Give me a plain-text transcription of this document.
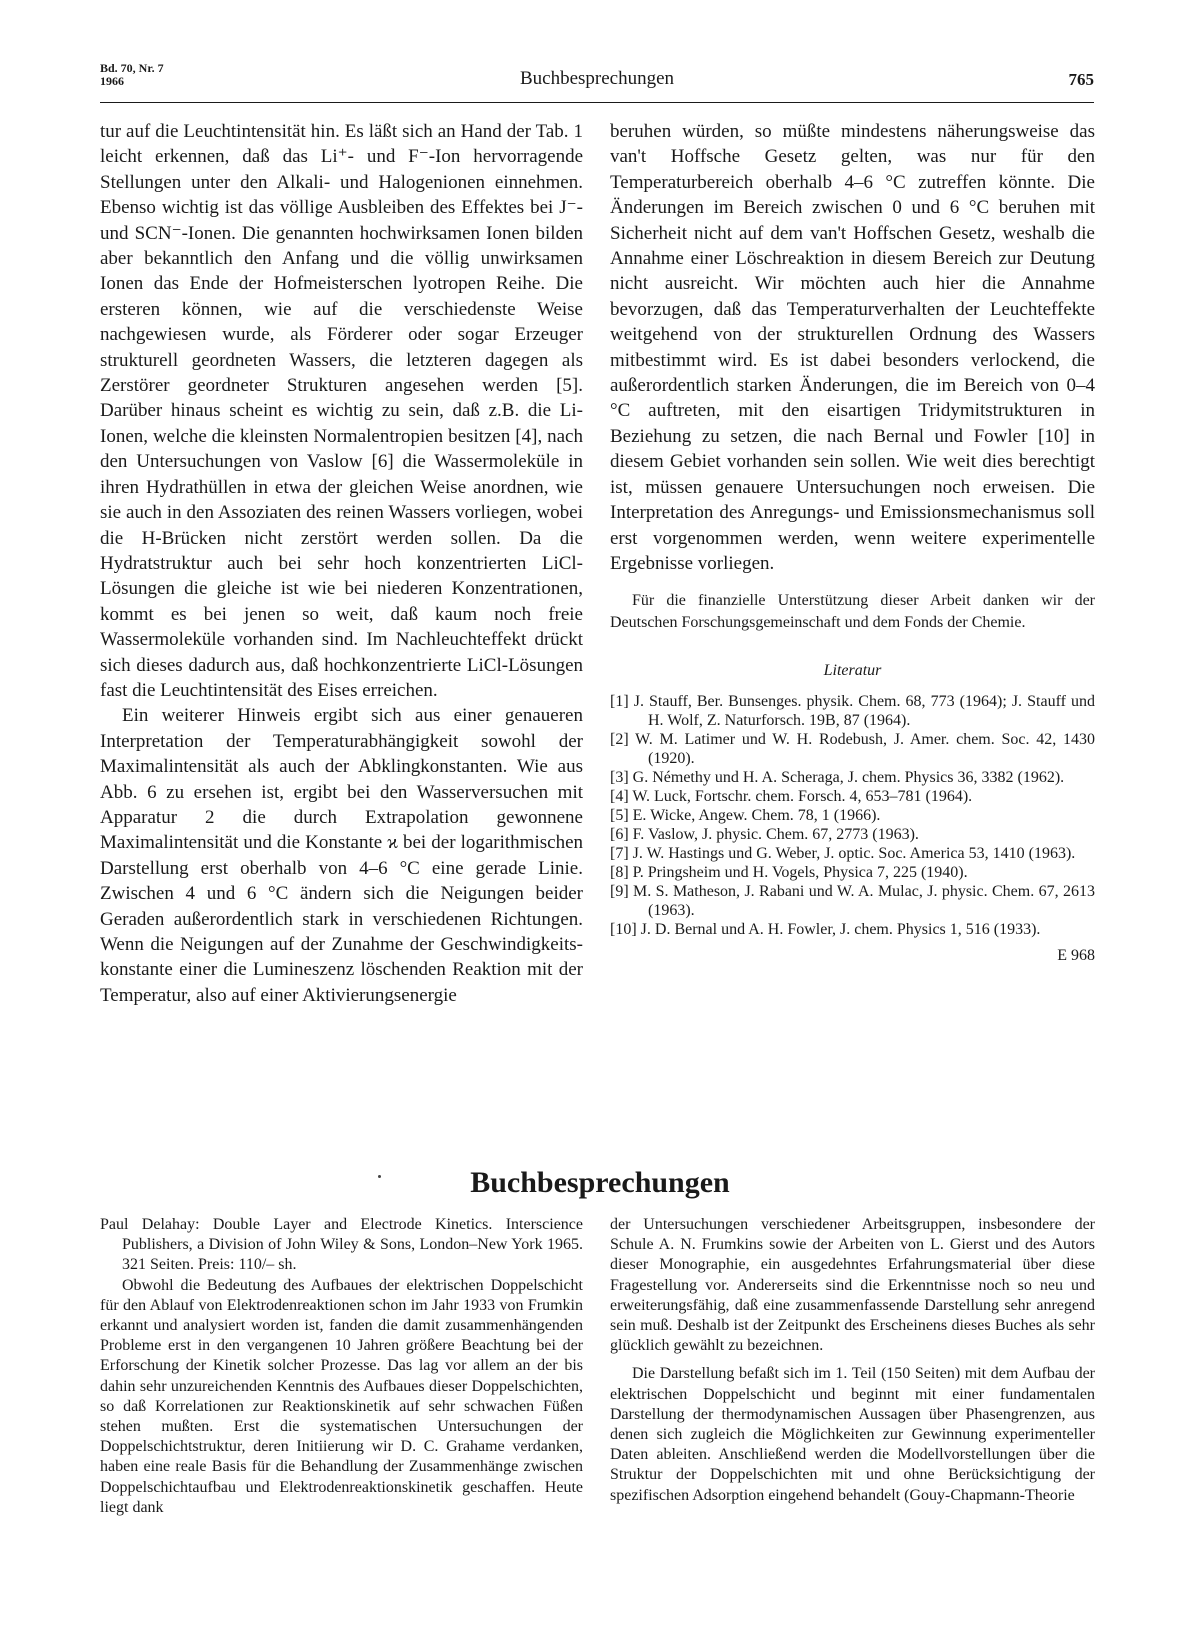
Bd. 70, Nr. 7
1966	Buchbesprechungen	765

tur auf die Leuchtintensität hin. Es läßt sich an Hand der Tab. 1 leicht erkennen, daß das Li⁺- und F⁻-Ion hervorragende Stellungen unter den Alkali- und Halogenionen einnehmen. Ebenso wichtig ist das völlige Ausbleiben des Effektes bei J⁻- und SCN⁻-Ionen. Die genannten hochwirksamen Ionen bilden aber bekanntlich den Anfang und die völlig unwirksamen Ionen das Ende der Hofmeisterschen lyotropen Reihe. Die ersteren können, wie auf die verschiedenste Weise nachgewiesen wurde, als Förderer oder sogar Erzeuger strukturell geordneten Wassers, die letzteren dagegen als Zerstörer geordneter Strukturen angesehen werden [5]. Darüber hinaus scheint es wichtig zu sein, daß z.B. die Li-Ionen, welche die kleinsten Normalentropien besitzen [4], nach den Untersuchungen von Vaslow [6] die Wassermoleküle in ihren Hydrathüllen in etwa der gleichen Weise anordnen, wie sie auch in den Assoziaten des reinen Wassers vorliegen, wobei die H-Brücken nicht zerstört werden sollen. Da die Hydratstruktur auch bei sehr hoch konzentrierten LiCl-Lösungen die gleiche ist wie bei niederen Konzentrationen, kommt es bei jenen so weit, daß kaum noch freie Wassermoleküle vorhanden sind. Im Nachleuchteffekt drückt sich dieses dadurch aus, daß hochkonzentrierte LiCl-Lösungen fast die Leuchtintensität des Eises erreichen.

Ein weiterer Hinweis ergibt sich aus einer genaueren Interpretation der Temperaturabhängigkeit sowohl der Maximalintensität als auch der Abklingkonstanten. Wie aus Abb. 6 zu ersehen ist, ergibt bei den Wasserversuchen mit Apparatur 2 die durch Extrapolation gewonnene Maximalintensität und die Konstante ϰ bei der logarithmischen Darstellung erst oberhalb von 4–6 °C eine gerade Linie. Zwischen 4 und 6 °C ändern sich die Neigungen beider Geraden außerordentlich stark in verschiedenen Richtungen. Wenn die Neigungen auf der Zunahme der Geschwindigkeitskonstante einer die Lumineszenz löschenden Reaktion mit der Temperatur, also auf einer Aktivierungsenergie

beruhen würden, so müßte mindestens näherungsweise das van't Hoffsche Gesetz gelten, was nur für den Temperaturbereich oberhalb 4–6 °C zutreffen könnte. Die Änderungen im Bereich zwischen 0 und 6 °C beruhen mit Sicherheit nicht auf dem van't Hoffschen Gesetz, weshalb die Annahme einer Löschreaktion in diesem Bereich zur Deutung nicht ausreicht. Wir möchten auch hier die Annahme bevorzugen, daß das Temperaturverhalten der Leuchteffekte weitgehend von der strukturellen Ordnung des Wassers mitbestimmt wird. Es ist dabei besonders verlockend, die außerordentlich starken Änderungen, die im Bereich von 0–4 °C auftreten, mit den eisartigen Tridymitstrukturen in Beziehung zu setzen, die nach Bernal und Fowler [10] in diesem Gebiet vorhanden sein sollen. Wie weit dies berechtigt ist, müssen genauere Untersuchungen noch erweisen. Die Interpretation des Anregungs- und Emissionsmechanismus soll erst vorgenommen werden, wenn weitere experimentelle Ergebnisse vorliegen.

Für die finanzielle Unterstützung dieser Arbeit danken wir der Deutschen Forschungsgemeinschaft und dem Fonds der Chemie.

Literatur

[1] J. Stauff, Ber. Bunsenges. physik. Chem. 68, 773 (1964); J. Stauff und H. Wolf, Z. Naturforsch. 19B, 87 (1964).

[2] W. M. Latimer und W. H. Rodebush, J. Amer. chem. Soc. 42, 1430 (1920).

[3] G. Némethy und H. A. Scheraga, J. chem. Physics 36, 3382 (1962).

[4] W. Luck, Fortschr. chem. Forsch. 4, 653–781 (1964).

[5] E. Wicke, Angew. Chem. 78, 1 (1966).

[6] F. Vaslow, J. physic. Chem. 67, 2773 (1963).

[7] J. W. Hastings und G. Weber, J. optic. Soc. America 53, 1410 (1963).

[8] P. Pringsheim und H. Vogels, Physica 7, 225 (1940).

[9] M. S. Matheson, J. Rabani und W. A. Mulac, J. physic. Chem. 67, 2613 (1963).

[10] J. D. Bernal und A. H. Fowler, J. chem. Physics 1, 516 (1933).

E 968

Buchbesprechungen

Paul Delahay: Double Layer and Electrode Kinetics. Interscience Publishers, a Division of John Wiley & Sons, London–New York 1965. 321 Seiten. Preis: 110/– sh.

Obwohl die Bedeutung des Aufbaues der elektrischen Doppelschicht für den Ablauf von Elektrodenreaktionen schon im Jahr 1933 von Frumkin erkannt und analysiert worden ist, fanden die damit zusammenhängenden Probleme erst in den vergangenen 10 Jahren größere Beachtung bei der Erforschung der Kinetik solcher Prozesse. Das lag vor allem an der bis dahin sehr unzureichenden Kenntnis des Aufbaues dieser Doppelschichten, so daß Korrelationen zur Reaktionskinetik auf sehr schwachen Füßen stehen mußten. Erst die systematischen Untersuchungen der Doppelschichtstruktur, deren Initiierung wir D. C. Grahame verdanken, haben eine reale Basis für die Behandlung der Zusammenhänge zwischen Doppelschichtaufbau und Elektrodenreaktionskinetik geschaffen. Heute liegt dank

der Untersuchungen verschiedener Arbeitsgruppen, insbesondere der Schule A. N. Frumkins sowie der Arbeiten von L. Gierst und des Autors dieser Monographie, ein ausgedehntes Erfahrungsmaterial über diese Fragestellung vor. Andererseits sind die Erkenntnisse noch so neu und erweiterungsfähig, daß eine zusammenfassende Darstellung sehr anregend sein muß. Deshalb ist der Zeitpunkt des Erscheinens dieses Buches als sehr glücklich gewählt zu bezeichnen.

Die Darstellung befaßt sich im 1. Teil (150 Seiten) mit dem Aufbau der elektrischen Doppelschicht und beginnt mit einer fundamentalen Darstellung der thermodynamischen Aussagen über Phasengrenzen, aus denen sich zugleich die Möglichkeiten zur Gewinnung experimenteller Daten ableiten. Anschließend werden die Modellvorstellungen über die Struktur der Doppelschichten mit und ohne Berücksichtigung der spezifischen Adsorption eingehend behandelt (Gouy-Chapmann-Theorie
